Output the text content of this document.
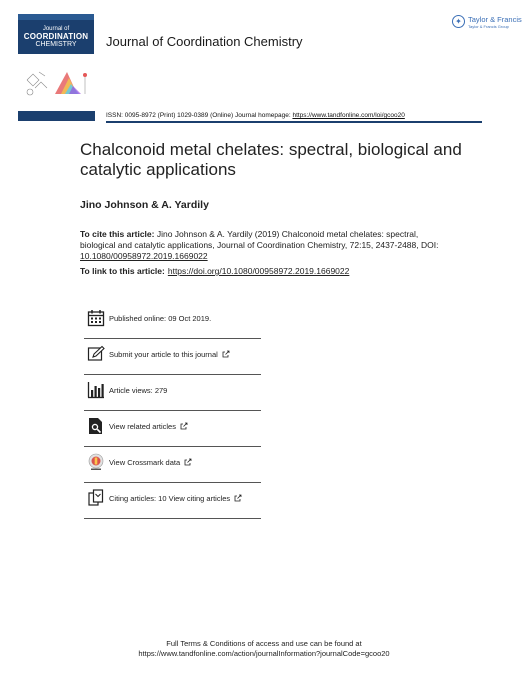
Journal of
COORDINATION
CHEMISTRY	Journal of Coordination Chemistry
✦ Taylor & Francis
Taylor & Francis Group
ISSN: 0095-8972 (Print) 1029-0389 (Online) Journal homepage: https://www.tandfonline.com/loi/gcoo20
Chalconoid metal chelates: spectral, biological and catalytic applications
Jino Johnson & A. Yardily
To cite this article: Jino Johnson & A. Yardily (2019) Chalconoid metal chelates: spectral, biological and catalytic applications, Journal of Coordination Chemistry, 72:15, 2437-2488, DOI: 10.1080/00958972.2019.1669022
To link to this article: https://doi.org/10.1080/00958972.2019.1669022
Published online: 09 Oct 2019.
Submit your article to this journal
Article views: 279
View related articles
View Crossmark data
Citing articles: 10 View citing articles
Full Terms & Conditions of access and use can be found at
https://www.tandfonline.com/action/journalInformation?journalCode=gcoo20
